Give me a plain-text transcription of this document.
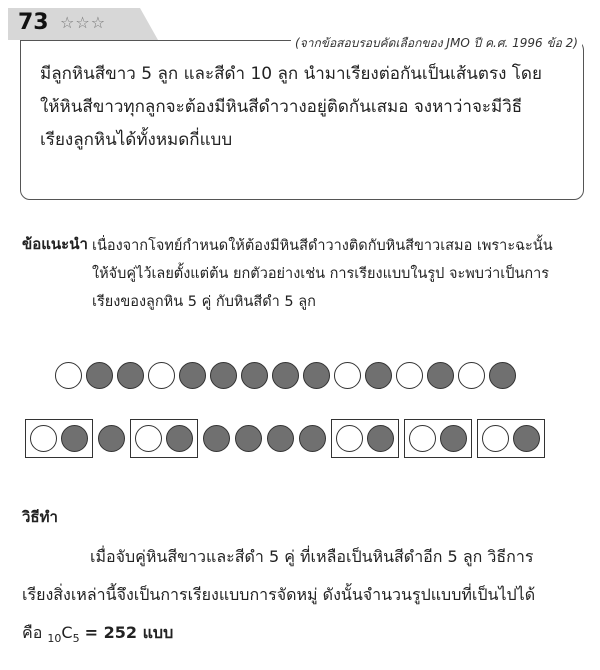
73 ☆☆☆
(จากข้อสอบรอบคัดเลือกของ JMO ปี ค.ศ. 1996 ข้อ 2)
มีลูกหินสีขาว 5 ลูก และสีดำ 10 ลูก นำมาเรียงต่อกันเป็นเส้นตรง โดย
ให้หินสีขาวทุกลูกจะต้องมีหินสีดำวางอยู่ติดกันเสมอ จงหาว่าจะมีวิธี
เรียงลูกหินได้ทั้งหมดกี่แบบ
ข้อแนะนำ เนื่องจากโจทย์กำหนดให้ต้องมีหินสีดำวางติดกับหินสีขาวเสมอ เพราะฉะนั้น

ให้จับคู่ไว้เลยตั้งแต่ต้น ยกตัวอย่างเช่น การเรียงแบบในรูป จะพบว่าเป็นการ

เรียงของลูกหิน 5 คู่ กับหินสีดำ 5 ลูก

วิธีทำ

เมื่อจับคู่หินสีขาวและสีดำ 5 คู่ ที่เหลือเป็นหินสีดำอีก 5 ลูก วิธีการ

เรียงสิ่งเหล่านี้จึงเป็นการเรียงแบบการจัดหมู่ ดังนั้นจำนวนรูปแบบที่เป็นไปได้

คือ $_{10}C_5 = 252$ แบบ
